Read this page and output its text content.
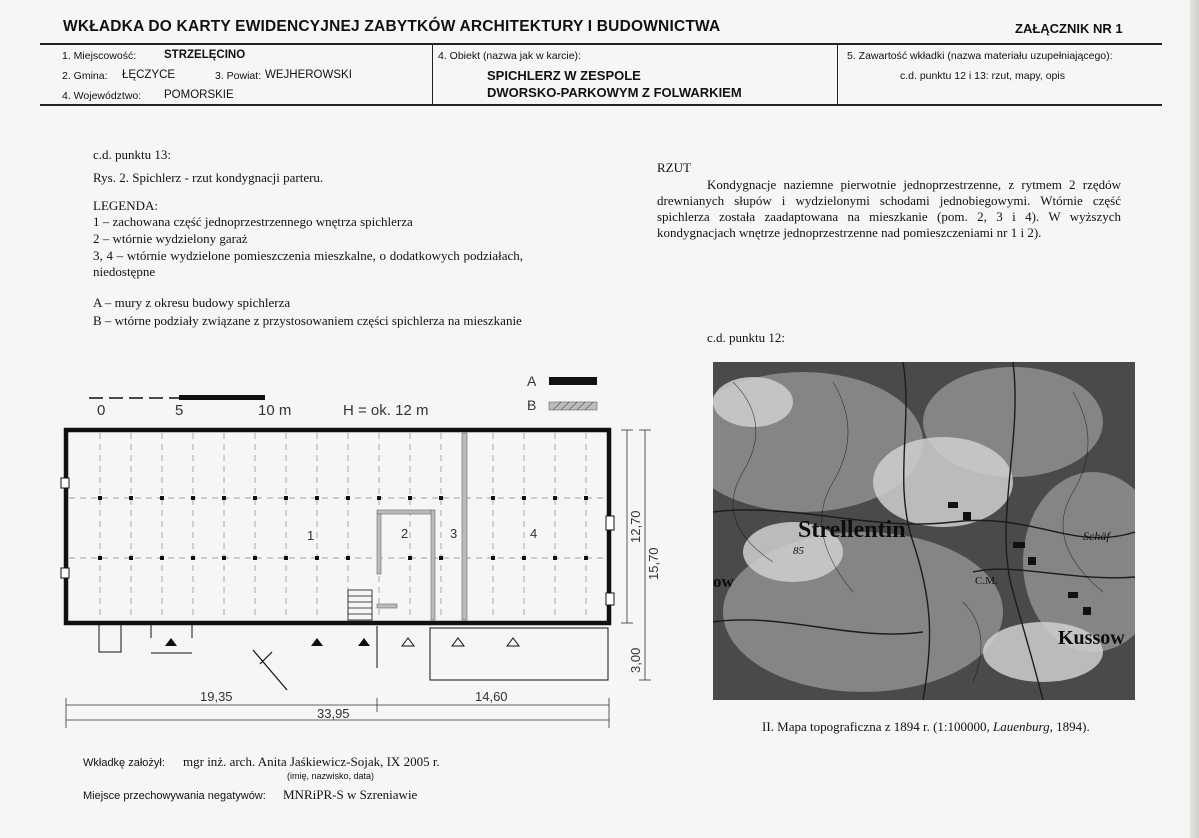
WKŁADKA DO KARTY EWIDENCYJNEJ ZABYTKÓW ARCHITEKTURY I BUDOWNICTWA	ZAŁĄCZNIK NR 1
1. Miejscowość: STRZELĘCINO
2. Gmina: ŁĘCZYCE	3. Powiat: WEJHEROWSKI
4. Województwo: POMORSKIE
4. Obiekt (nazwa jak w karcie):
SPICHLERZ W ZESPOLE
DWORSKO-PARKOWYM Z FOLWARKIEM
5. Zawartość wkładki (nazwa materiału uzupełniającego):
c.d. punktu 12 i 13: rzut, mapy, opis
c.d. punktu 13:
Rys. 2. Spichlerz - rzut kondygnacji parteru.
LEGENDA:
1 – zachowana część jednoprzestrzennego wnętrza spichlerza
2 – wtórnie wydzielony garaż
3, 4 – wtórnie wydzielone pomieszczenia mieszkalne, o dodatkowych podziałach, niedostępne
A – mury z okresu budowy spichlerza
B – wtórne podziały związane z przystosowaniem części spichlerza na mieszkanie
0	5	10 m	H = ok. 12 m
A
B
1	2	3	4	12,70
15,70
3,00
19,35	14,60
33,95
RZUT
Kondygnacje naziemne pierwotnie jednoprzestrzenne, z rytmem 2 rzędów drewnianych słupów i wydzielonymi schodami jednobiegowymi. Wtórnie część spichlerza została zaadaptowana na mieszkanie (pom. 2, 3 i 4). W wyższych kondygnacjach wnętrze jednoprzestrzenne nad pomieszczeniami nr 1 i 2).
c.d. punktu 12:
Strellentin
85
Schäf
Kussow
ow	C.M.
II. Mapa topograficzna z 1894 r. (1:100000, Lauenburg, 1894).
Wkładkę założył: mgr inż. arch. Anita Jaśkiewicz-Sojak, IX 2005 r.
(imię, nazwisko, data)
Miejsce przechowywania negatywów: MNRiPR-S w Szreniawie
